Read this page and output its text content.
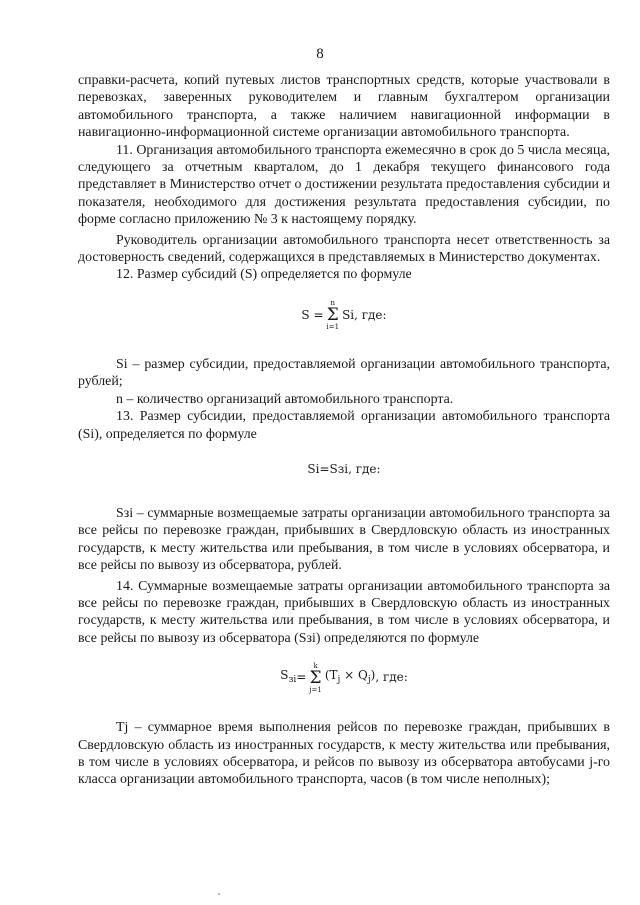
8

справки-расчета, копий путевых листов транспортных средств, которые участвовали в перевозках, заверенных руководителем и главным бухгалтером организации автомобильного транспорта, а также наличием навигационной информации в навигационно-информационной системе организации автомобильного транспорта.

11. Организация автомобильного транспорта ежемесячно в срок до 5 числа месяца, следующего за отчетным кварталом, до 1 декабря текущего финансового года представляет в Министерство отчет о достижении результата предоставления субсидии и показателя, необходимого для достижения результата предоставления субсидии, по форме согласно приложению № 3 к настоящему порядку.

Руководитель организации автомобильного транспорта несет ответственность за достоверность сведений, содержащихся в представляемых в Министерство документах.

12. Размер субсидий (S) определяется по формуле

S =
n
Σ
i=1
Si , где:

Si – размер субсидии, предоставляемой организации автомобильного транспорта, рублей;

n – количество организаций автомобильного транспорта.

13. Размер субсидии, предоставляемой организации автомобильного транспорта (Si), определяется по формуле

Si=Sзi , где:

Sзi – суммарные возмещаемые затраты организации автомобильного транспорта за все рейсы по перевозке граждан, прибывших в Свердловскую область из иностранных государств, к месту жительства или пребывания, в том числе в условиях обсерватора, и все рейсы по вывозу из обсерватора, рублей.

14. Суммарные возмещаемые затраты организации автомобильного транспорта за все рейсы по перевозке граждан, прибывших в Свердловскую область из иностранных государств, к месту жительства или пребывания, в том числе в условиях обсерватора, и все рейсы по вывозу из обсерватора (Sзi) определяются по формуле

$S_{зi}$ =
k
Σ
j=1
$(T_j \times Q_j)$ , где:

Tj – суммарное время выполнения рейсов по перевозке граждан, прибывших в Свердловскую область из иностранных государств, к месту жительства или пребывания, в том числе в условиях обсерватора, и рейсов по вывозу из обсерватора автобусами j-го класса организации автомобильного транспорта, часов (в том числе неполных);
